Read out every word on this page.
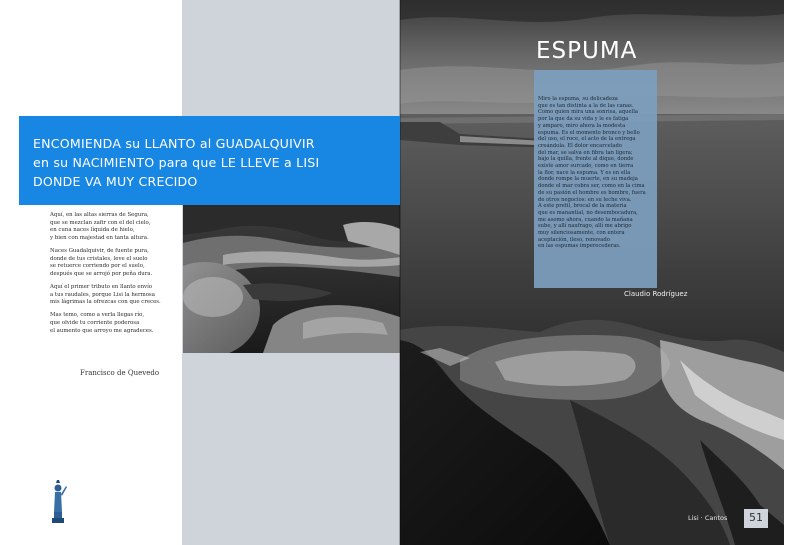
ENCOMIENDA su LLANTO al GUADALQUIVIR
en su NACIMIENTO para que LE LLEVE a LISI
DONDE VA MUY CRECIDO

Aquí, en las altas sierras de Segura,
que se mezclan zafir con el del cielo,
en cuna naces líquida de hielo,
y bien con majestad en tanta altura.

Naces Guadalquivir, de fuente pura,
donde de tus cristales, leve el suelo
se retuerce corriendo por el suelo,
después que se arrojó por peña dura.

Aquí el primer tributo en llanto envío
a tus raudales, porque Lisi la hermosa
mis lágrimas la ofrezcas con que creces.

Mas temo, como a verla llegas río,
que olvide tu corriente poderosa
el aumento que arroyo me agradeces.

Francisco de Quevedo
ESPUMA
Miro la espuma, su delicadeza
que es tan distinta a la de las canas.
Como quien mira una sonrisa, aquella
por la que da su vida y le es fatiga
y amparo, miro ahora la modesta
espuma. Es el momento bronco y bello
del uso, el roce, el acto de la entrega
creándola. El dolor encarcelado
del mar, se salva en fibra tan ligera;
bajo la quilla, frente al dique, donde
existe amor surcado, como en tierra
la flor, nace la espuma. Y es en ella
donde rompe la muerte, en su madeja
donde el mar cobra ser, como en la cima
de su pasión el hombre es hombre, fuera
de otros negocios: en su leche viva.
A este pretil, brocal de la materia
que es manantial, no desembocadura,
me asomo ahora, cuando la mañana
sube, y allí naufrago, allí me abrigo
muy silenciosamente, con entera
aceptación, ileso, renovado
en las espumas imperecederas.
Claudio Rodríguez
Lisi · Cantos	51
